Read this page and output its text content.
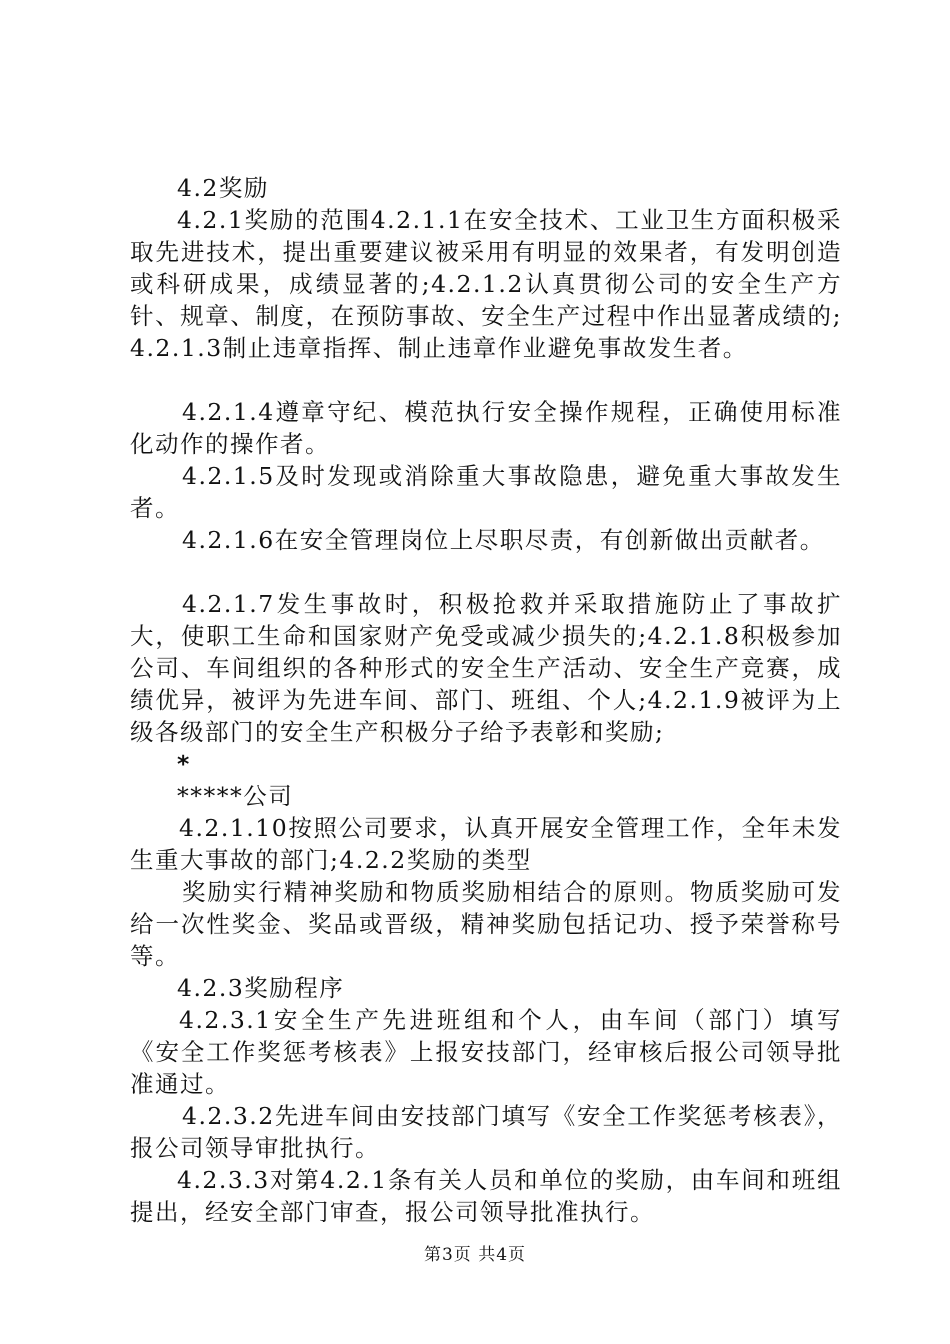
4.2奖励

4.2.1奖励的范围4.2.1.1在安全技术、工业卫生方面积极采取先进技术，提出重要建议被采用有明显的效果者，有发明创造或科研成果，成绩显著的;4.2.1.2认真贯彻公司的安全生产方针、规章、制度，在预防事故、安全生产过程中作出显著成绩的;4.2.1.3制止违章指挥、制止违章作业避免事故发生者。

4.2.1.4遵章守纪、模范执行安全操作规程，正确使用标准化动作的操作者。

4.2.1.5及时发现或消除重大事故隐患，避免重大事故发生者。

4.2.1.6在安全管理岗位上尽职尽责，有创新做出贡献者。

4.2.1.7发生事故时，积极抢救并采取措施防止了事故扩大，使职工生命和国家财产免受或减少损失的;4.2.1.8积极参加公司、车间组织的各种形式的安全生产活动、安全生产竞赛，成绩优异，被评为先进车间、部门、班组、个人;4.2.1.9被评为上级各级部门的安全生产积极分子给予表彰和奖励;

*

*****公司

4.2.1.10按照公司要求，认真开展安全管理工作，全年未发生重大事故的部门;4.2.2奖励的类型

奖励实行精神奖励和物质奖励相结合的原则。物质奖励可发给一次性奖金、奖品或晋级，精神奖励包括记功、授予荣誉称号等。

4.2.3奖励程序

4.2.3.1安全生产先进班组和个人，由车间（部门）填写《安全工作奖惩考核表》上报安技部门，经审核后报公司领导批准通过。

4.2.3.2先进车间由安技部门填写《安全工作奖惩考核表》，报公司领导审批执行。

4.2.3.3对第4.2.1条有关人员和单位的奖励，由车间和班组提出，经安全部门审查，报公司领导批准执行。

第3页 共4页
